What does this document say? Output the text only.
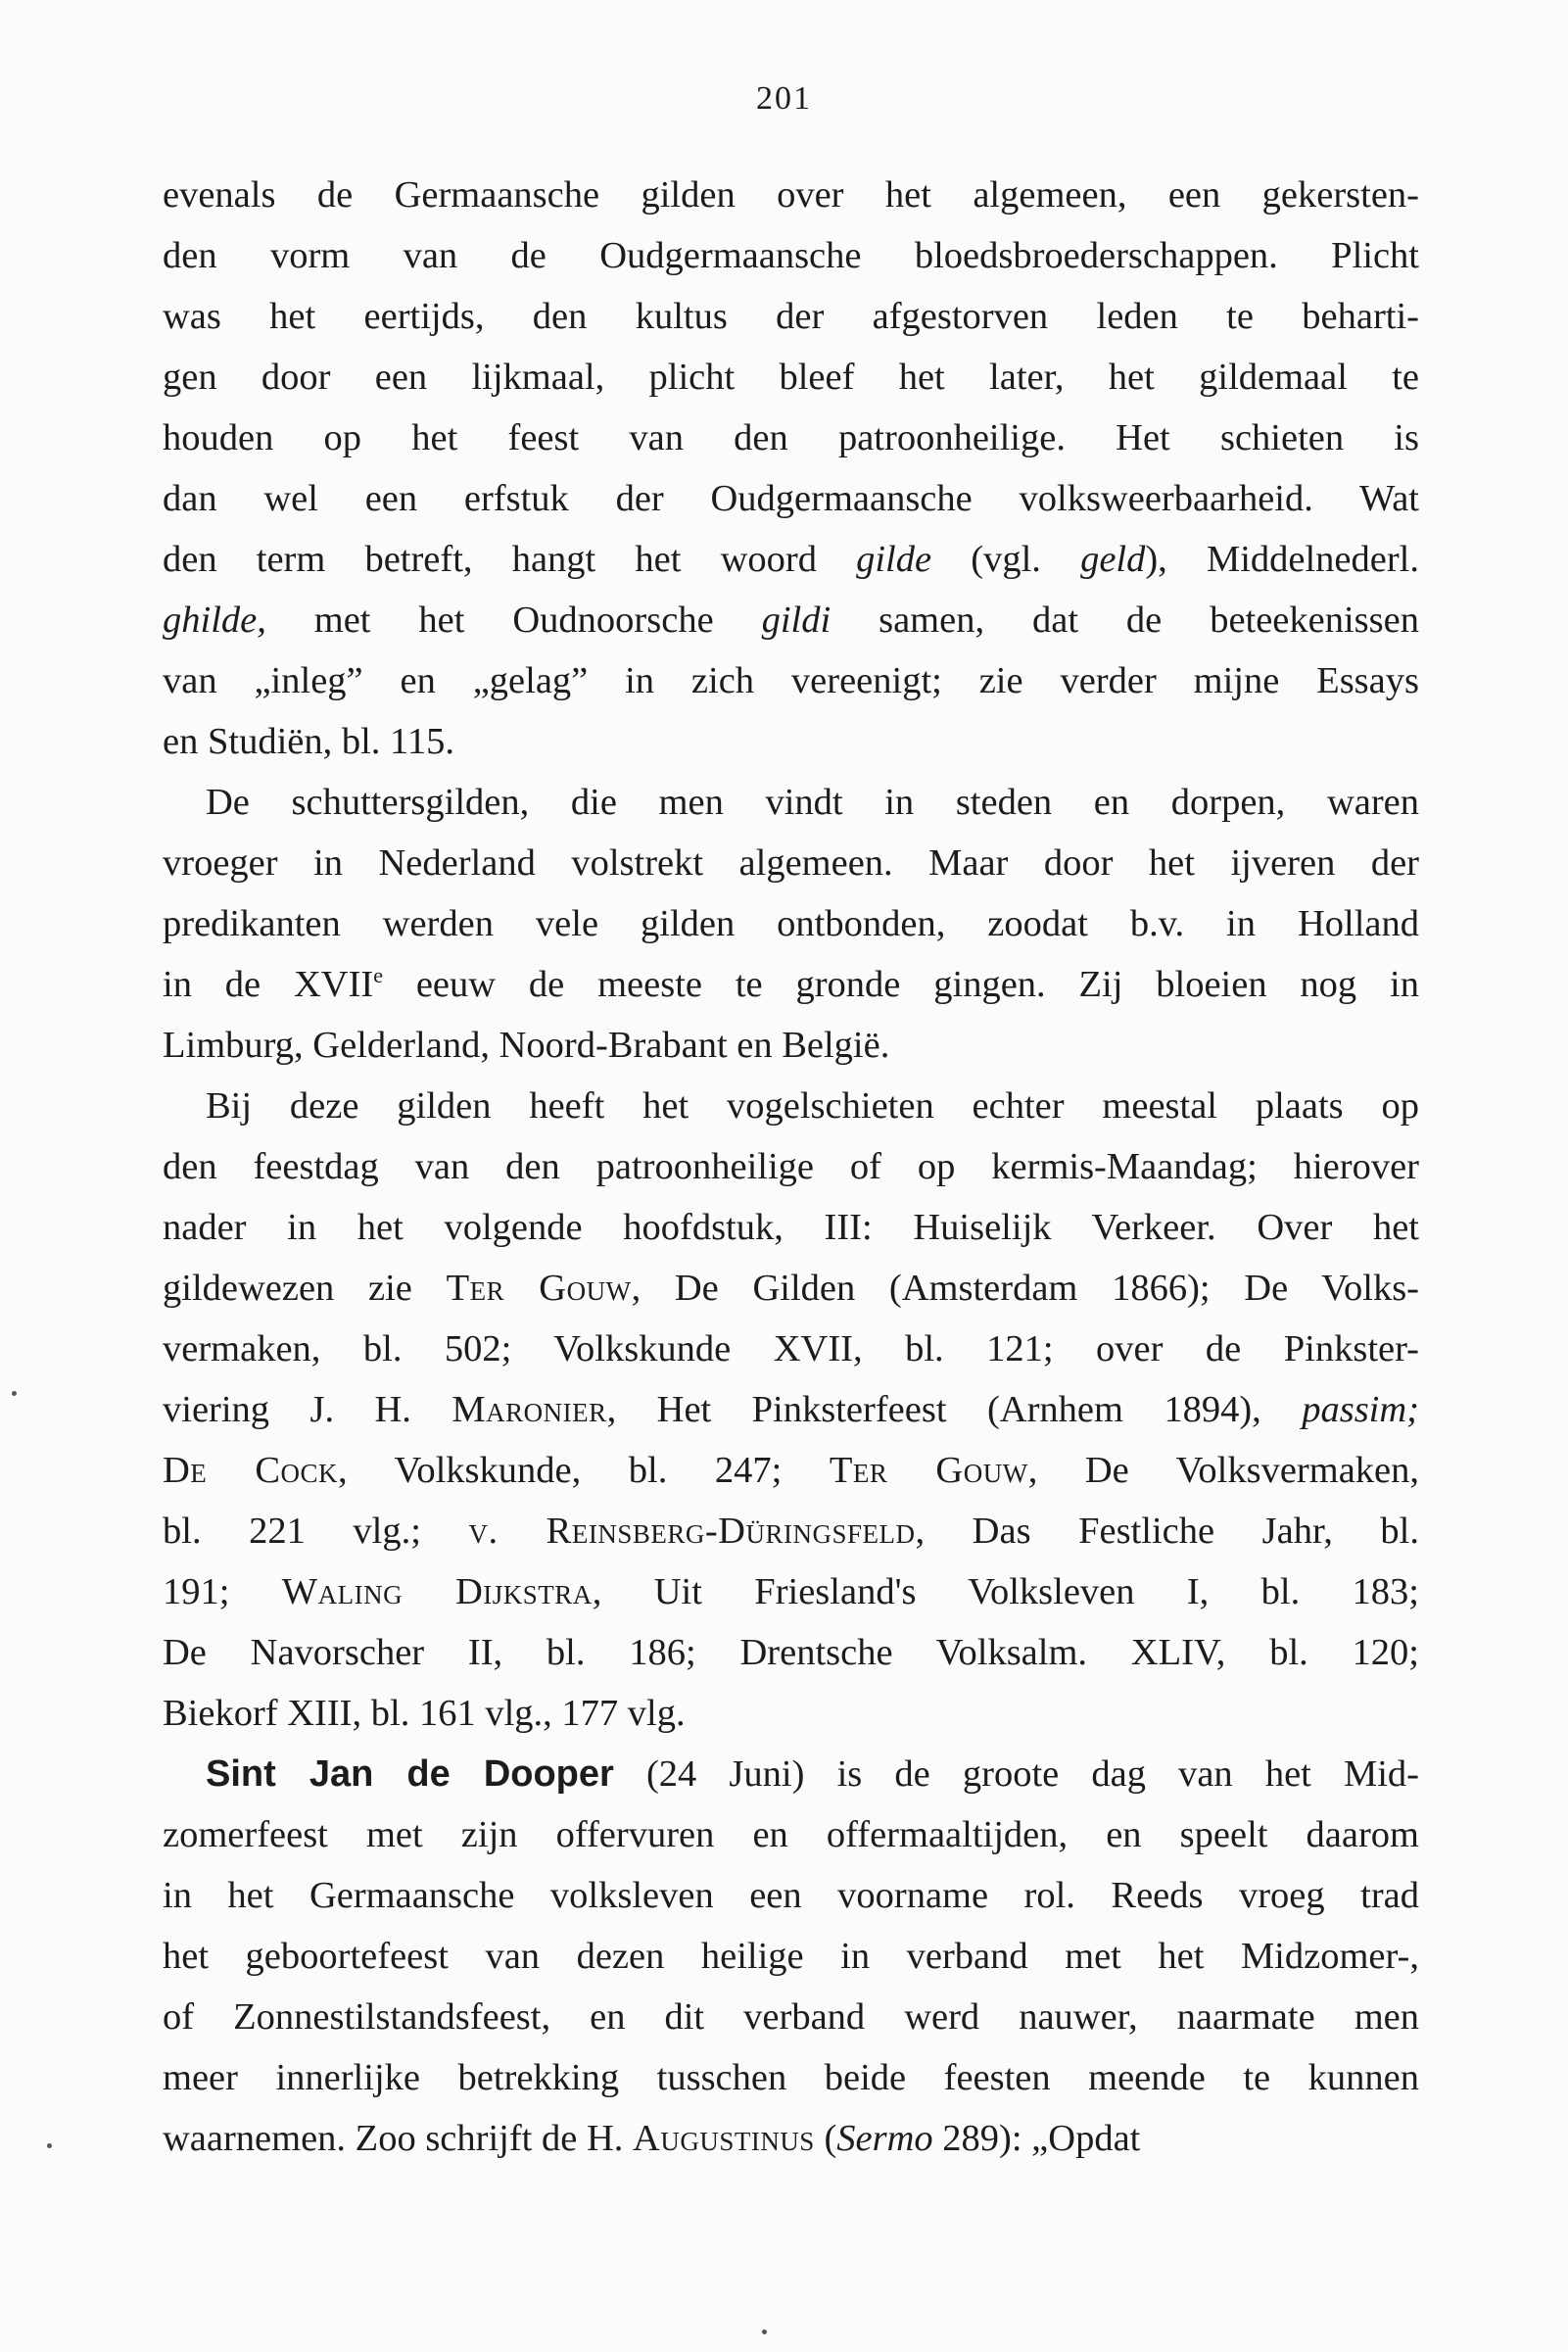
201
evenals de Germaansche gilden over het algemeen, een gekersten-
den vorm van de Oudgermaansche bloedsbroederschappen. Plicht
was het eertijds, den kultus der afgestorven leden te beharti-
gen door een lijkmaal, plicht bleef het later, het gildemaal te
houden op het feest van den patroonheilige. Het schieten is
dan wel een erfstuk der Oudgermaansche volksweerbaarheid. Wat
den term betreft, hangt het woord gilde (vgl. geld), Middelnederl.
ghilde, met het Oudnoorsche gildi samen, dat de beteekenissen
van „inleg” en „gelag” in zich vereenigt; zie verder mijne Essays
en Studiën, bl. 115.
De schuttersgilden, die men vindt in steden en dorpen, waren
vroeger in Nederland volstrekt algemeen. Maar door het ijveren der
predikanten werden vele gilden ontbonden, zoodat b.v. in Holland
in de XVIIe eeuw de meeste te gronde gingen. Zij bloeien nog in
Limburg, Gelderland, Noord-Brabant en België.
Bij deze gilden heeft het vogelschieten echter meestal plaats op
den feestdag van den patroonheilige of op kermis-Maandag; hierover
nader in het volgende hoofdstuk, III: Huiselijk Verkeer. Over het
gildewezen zie Ter Gouw, De Gilden (Amsterdam 1866); De Volks-
vermaken, bl. 502; Volkskunde XVII, bl. 121; over de Pinkster-
viering J. H. Maronier, Het Pinksterfeest (Arnhem 1894), passim;
De Cock, Volkskunde, bl. 247; Ter Gouw, De Volksvermaken,
bl. 221 vlg.; v. Reinsberg-Düringsfeld, Das Festliche Jahr, bl.
191; Waling Dijkstra, Uit Friesland's Volksleven I, bl. 183;
De Navorscher II, bl. 186; Drentsche Volksalm. XLIV, bl. 120;
Biekorf XIII, bl. 161 vlg., 177 vlg.
Sint Jan de Dooper (24 Juni) is de groote dag van het Mid-
zomerfeest met zijn offervuren en offermaaltijden, en speelt daarom
in het Germaansche volksleven een voorname rol. Reeds vroeg trad
het geboortefeest van dezen heilige in verband met het Midzomer-,
of Zonnestilstandsfeest, en dit verband werd nauwer, naarmate men
meer innerlijke betrekking tusschen beide feesten meende te kunnen
waarnemen. Zoo schrijft de H. Augustinus (Sermo 289): „Opdat
